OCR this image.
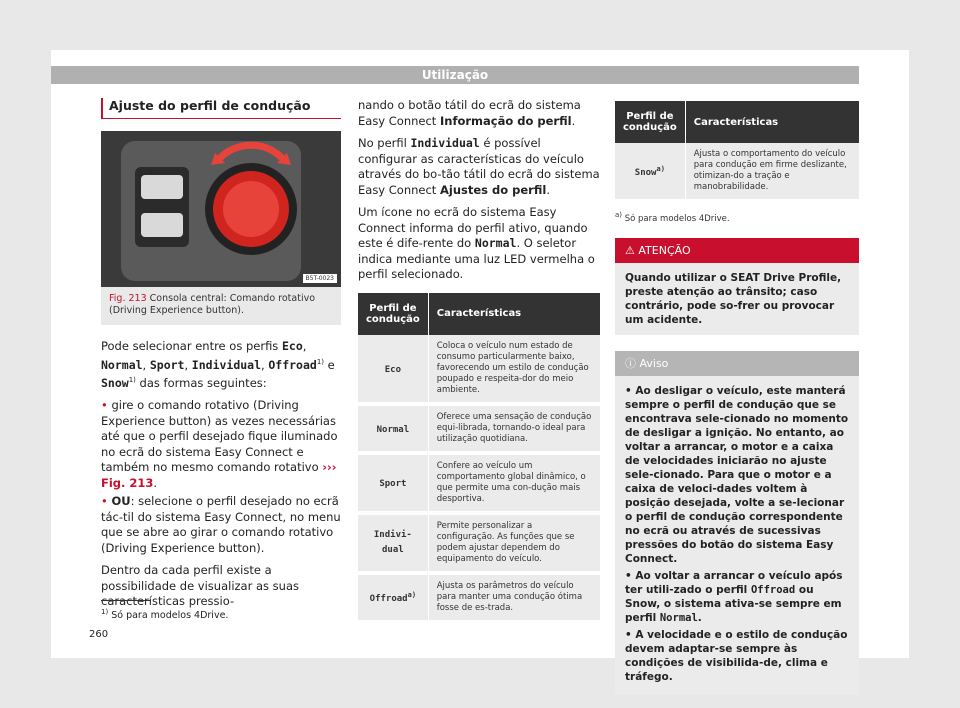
Utilização
Ajuste do perfil de condução
B5T-0023
Fig. 213 Consola central: Comando rotativo (Driving Experience button).

Pode selecionar entre os perfis Eco, Normal, Sport, Individual, Offroad$^{1)}$ e Snow$^{1)}$ das formas seguintes:

• gire o comando rotativo (Driving Experience button) as vezes necessárias até que o perfil desejado fique iluminado no ecrã do sistema Easy Connect e também no mesmo comando rotativo ››› Fig. 213.

• OU: selecione o perfil desejado no ecrã tác-til do sistema Easy Connect, no menu que se abre ao girar o comando rotativo (Driving Experience button).

Dentro da cada perfil existe a possibilidade de visualizar as suas características pressio-

nando o botão tátil do ecrã do sistema Easy Connect Informação do perfil.

No perfil Individual é possível configurar as características do veículo através do bo-tão tátil do ecrã do sistema Easy Connect Ajustes do perfil.

Um ícone no ecrã do sistema Easy Connect informa do perfil ativo, quando este é dife-rente do Normal. O seletor indica mediante uma luz LED vermelha o perfil selecionado.

Perfil de condução	Características
Eco	Coloca o veículo num estado de consumo particularmente baixo, favorecendo um estilo de condução poupado e respeita-dor do meio ambiente.
Normal	Oferece uma sensação de condução equi-librada, tornando-o ideal para utilização quotidiana.
Sport	Confere ao veículo um comportamento global dinâmico, o que permite uma con-dução mais desportiva.
Indivi-dual	Permite personalizar a configuração. As funções que se podem ajustar dependem do equipamento do veículo.
Offroad$^{a)}$	Ajusta os parâmetros do veículo para manter uma condução ótima fosse de es-trada.
Perfil de condução	Características
Snow$^{a)}$	Ajusta o comportamento do veículo para condução em firme deslizante, otimizan-do a tração e manobrabilidade.
$^{a)}$ Só para modelos 4Drive.
⚠ ATENÇÃO
Quando utilizar o SEAT Drive Profile, preste atenção ao trânsito; caso contrário, pode so-frer ou provocar um acidente.
ⓘ Aviso
• Ao desligar o veículo, este manterá sempre o perfil de condução que se encontrava sele-cionado no momento de desligar a ignição. No entanto, ao voltar a arrancar, o motor e a caixa de velocidades iniciarão no ajuste sele-cionado. Para que o motor e a caixa de veloci-dades voltem à posição desejada, volte a se-lecionar o perfil de condução correspondente no ecrã ou através de sucessivas pressões do botão do sistema Easy Connect.
• Ao voltar a arrancar o veículo após ter utili-zado o perfil Offroad ou Snow, o sistema ativa-se sempre em perfil Normal.
• A velocidade e o estilo de condução devem adaptar-se sempre às condições de visibilida-de, clima e tráfego.
$^{1)}$ Só para modelos 4Drive.
260
